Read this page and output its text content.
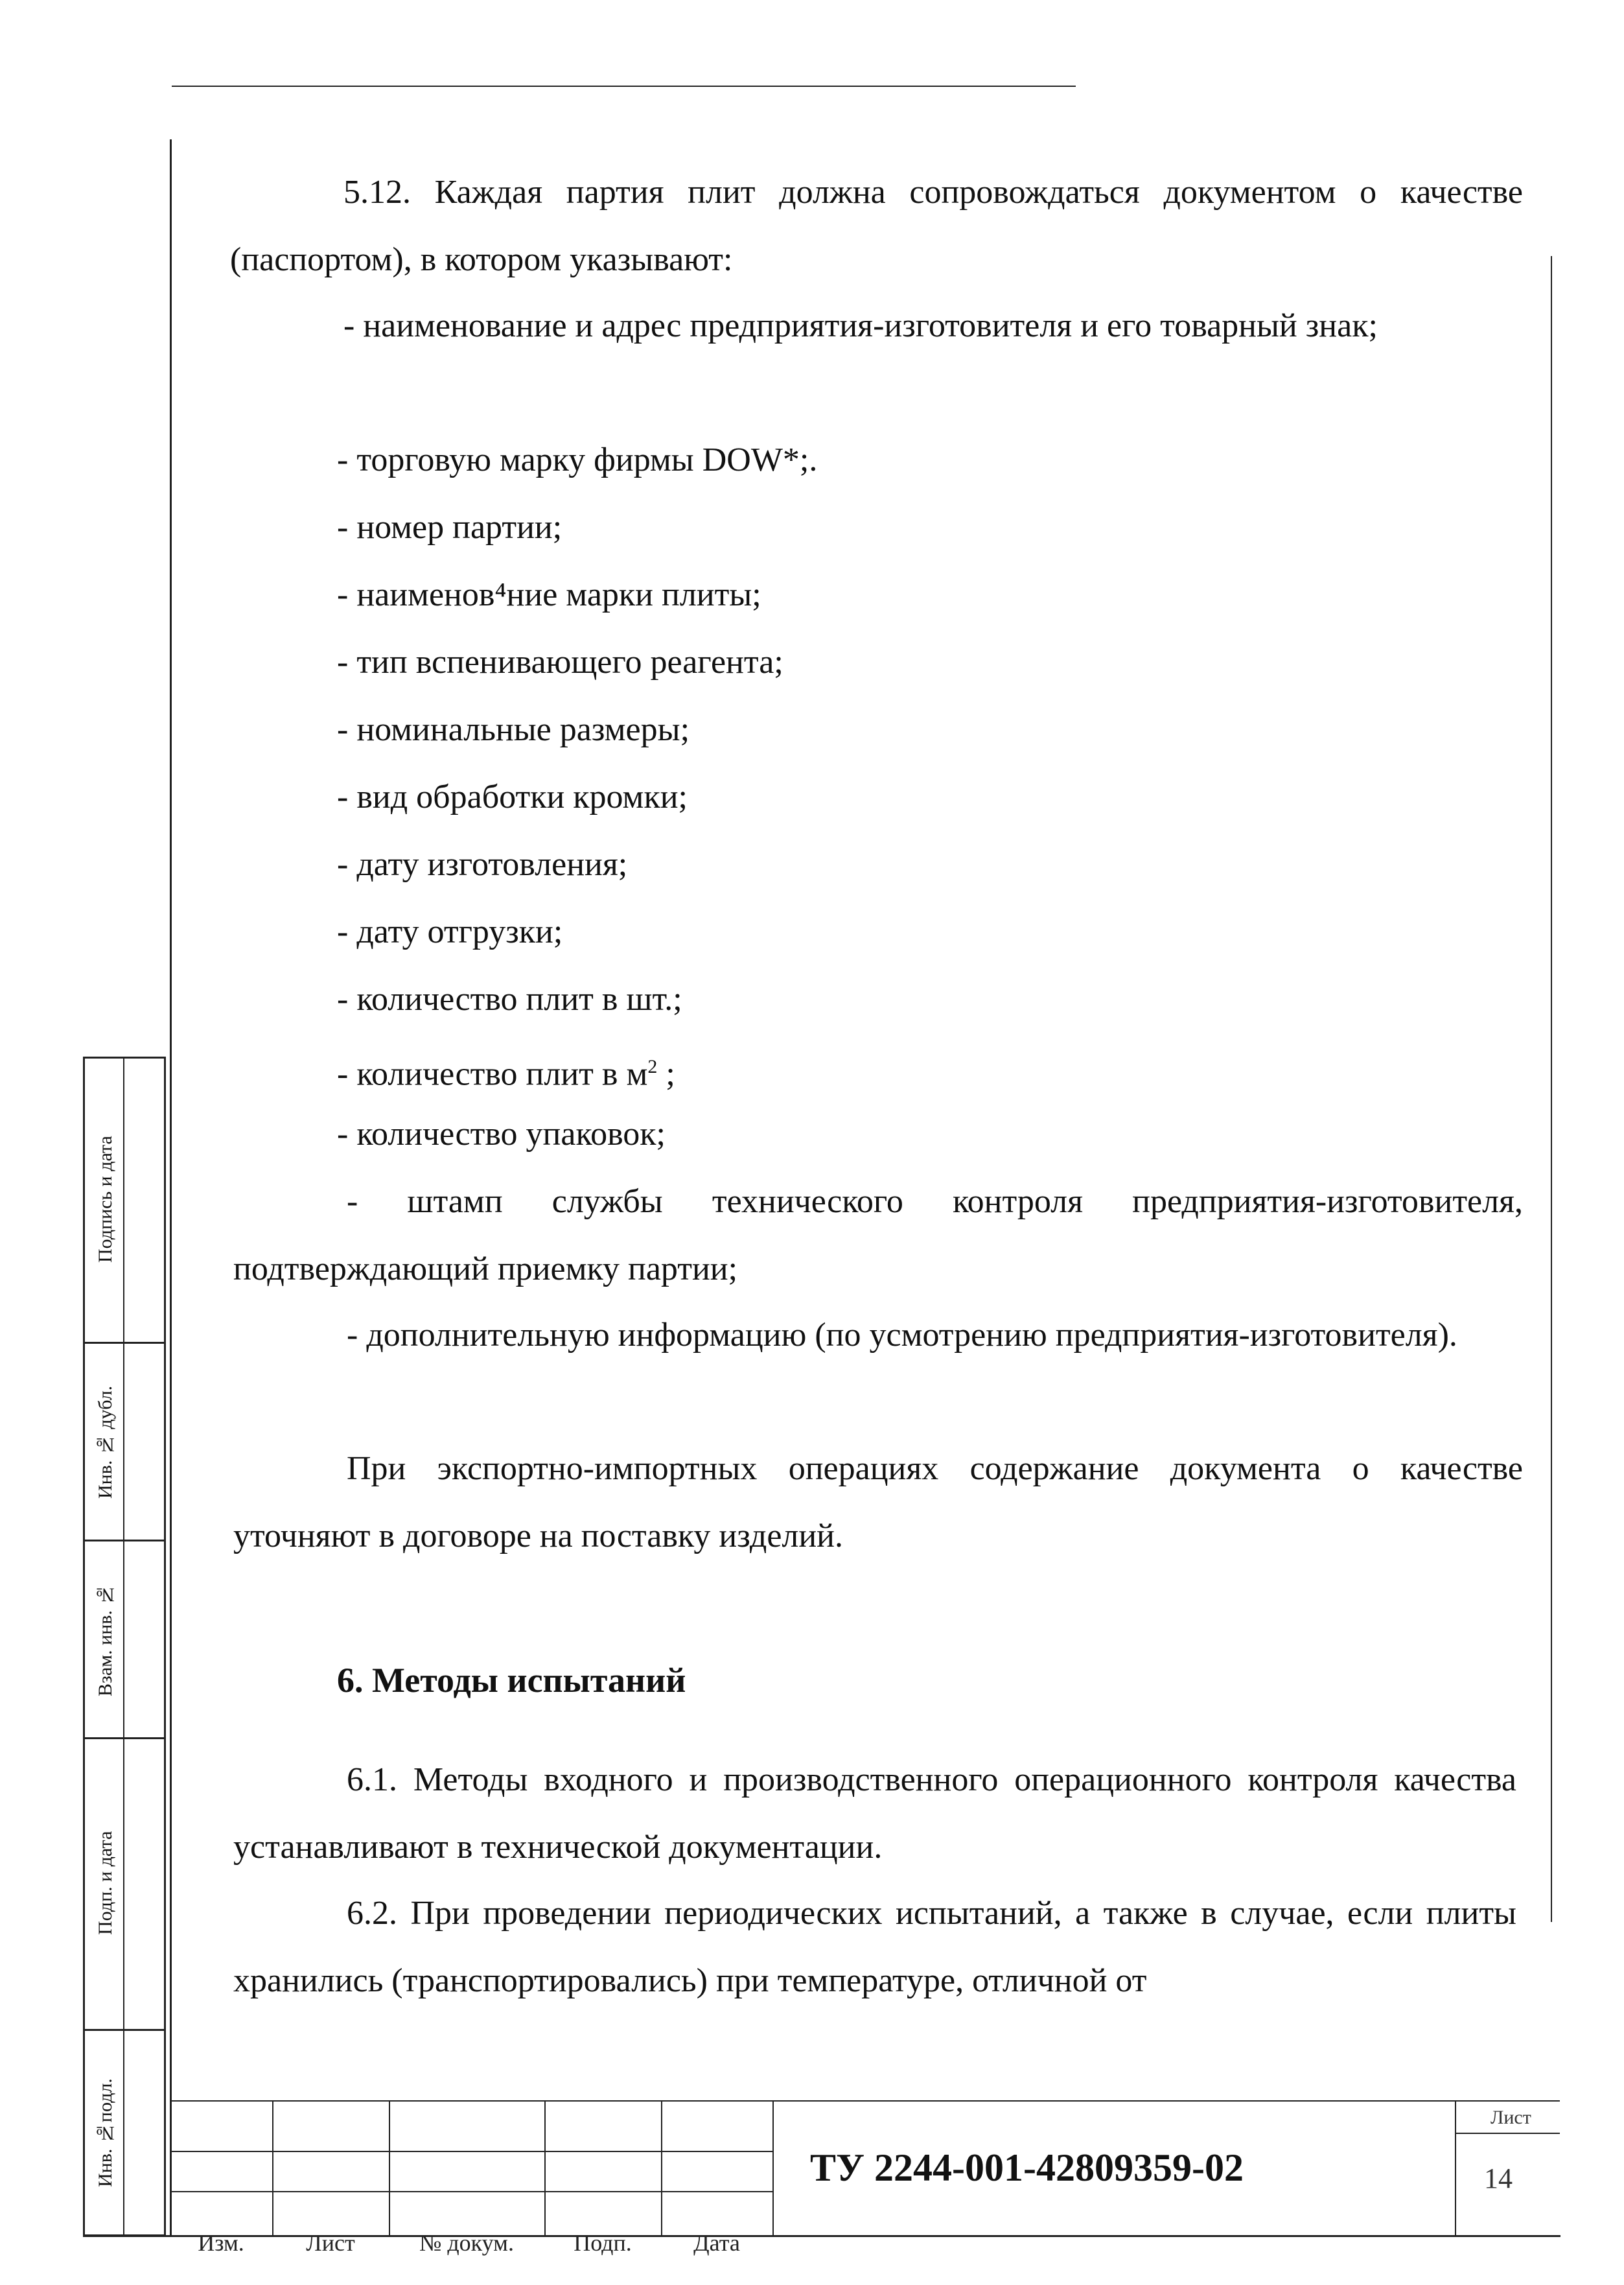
5.12. Каждая партия плит должна сопровождаться документом о качестве (паспортом), в котором указывают:
- наименование и адрес предприятия-изготовителя и его товарный знак;
- торговую марку фирмы DOW*;.
- номер партии;
- наименов⁴ние марки плиты;
- тип вспенивающего реагента;
- номинальные размеры;
- вид обработки кромки;
- дату изготовления;
- дату отгрузки;
- количество плит в шт.;
- количество плит в $м^2$ ;
- количество упаковок;
- штамп службы технического контроля предприятия-изготовителя, подтверждающий приемку партии;
- дополнительную информацию (по усмотрению предприятия-изготовителя).
При экспортно-импортных операциях содержание документа о качестве уточняют в договоре на поставку изделий.
6. Методы испытаний
6.1. Методы входного и производственного операционного контроля качества устанавливают в технической документации.
6.2. При проведении периодических испытаний, а также в случае, если плиты хранились (транспортировались) при температуре, отличной от
Подпись и дата
Инв. № дубл.
Взам. инв. №
Подп. и дата
Инв. №подл.
Изм.	Лист	№ докум.	Подп.	Дата
ТУ 2244-001-42809359-02
Лист
14
